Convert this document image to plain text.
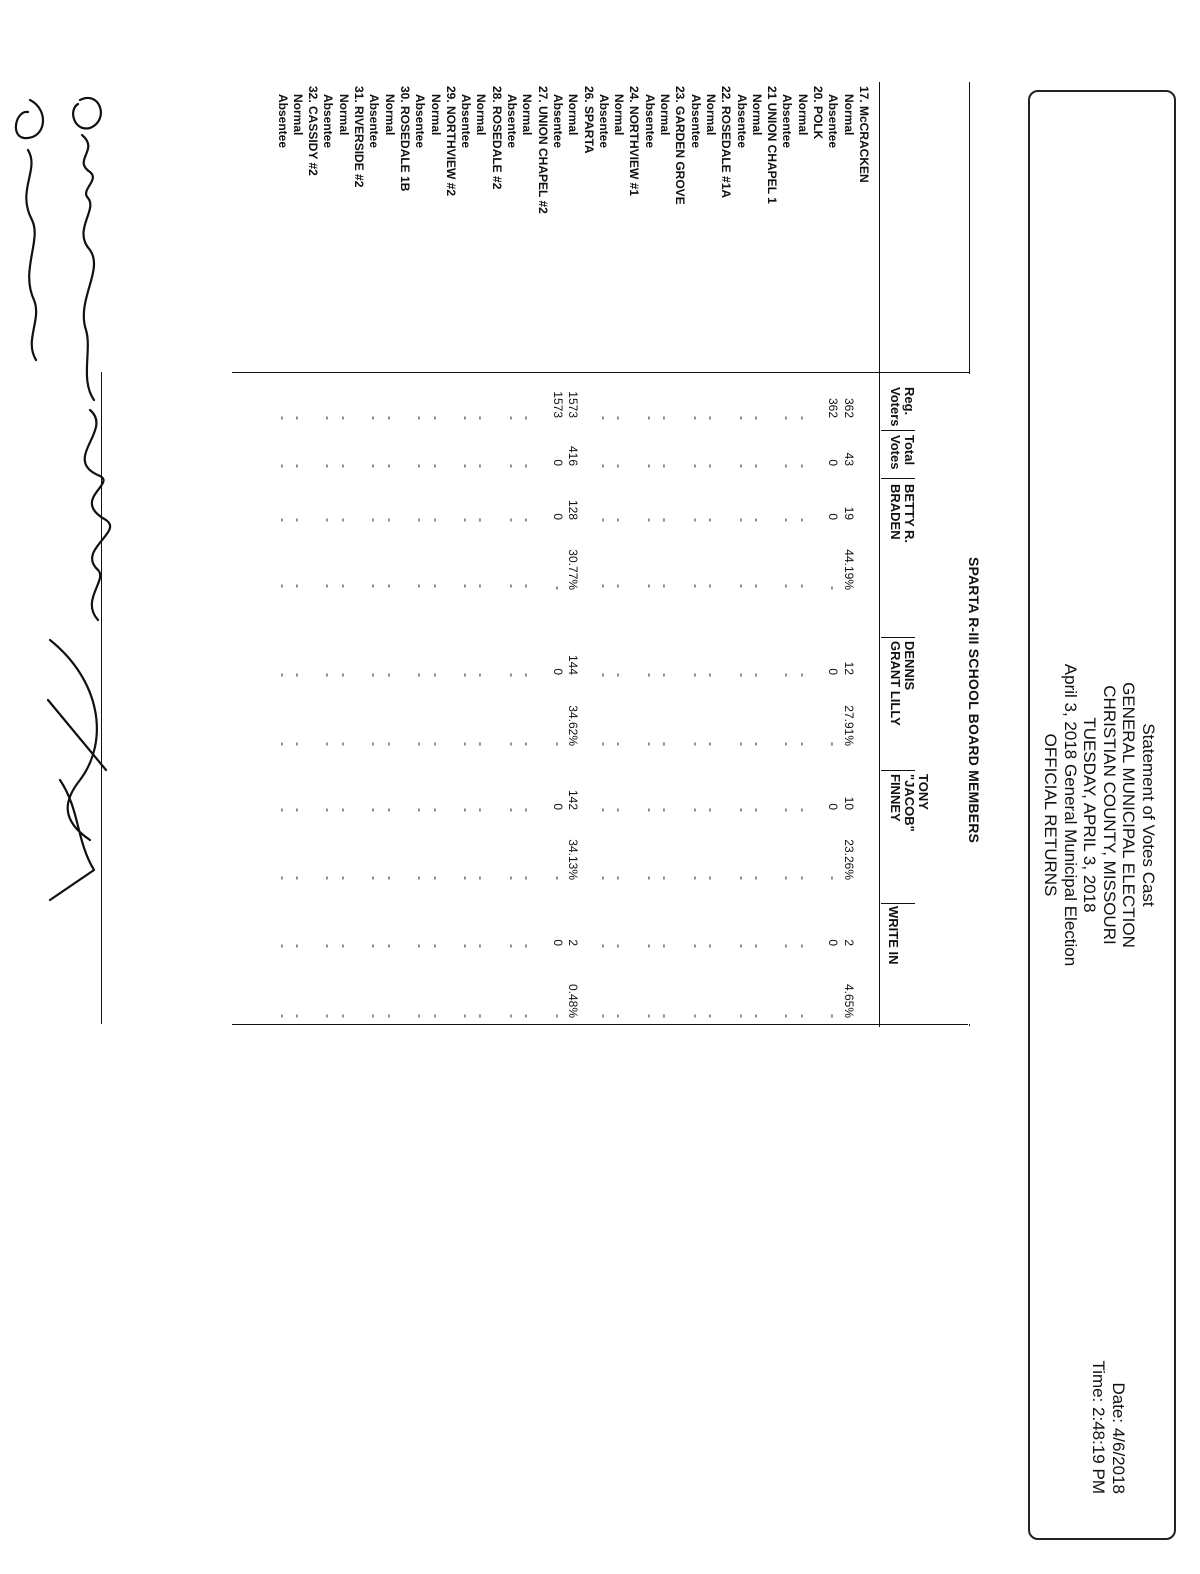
Statement of Votes Cast
GENERAL MUNICIPAL ELECTION
CHRISTIAN COUNTY, MISSOURI
TUESDAY, APRIL 3, 2018
April 3, 2018 General Municipal Election
OFFICIAL RETURNS
Date: 4/6/2018
Time: 2:48:19 PM
SPARTA R-III SCHOOL BOARD MEMBERS
Reg.
Voters
Total
Votes
BETTY R.
BRADEN
DENNIS
GRANT LILLY
TONY
"JACOB"
FINNEY
WRITE IN
17. McCRACKEN
Normal
362
43
19
44.19%
12
27.91%
10
23.26%
2
4.65%
Absentee
362
0
0
-
0
-
0
-
0
-
20. POLK
Normal
-
-
-
-
-
-
-
-
-
-
Absentee
-
-
-
-
-
-
-
-
-
-
21 UNION CHAPEL 1
Normal
-
-
-
-
-
-
-
-
-
-
Absentee
-
-
-
-
-
-
-
-
-
-
22. ROSEDALE #1A
Normal
-
-
-
-
-
-
-
-
-
-
Absentee
-
-
-
-
-
-
-
-
-
-
23. GARDEN GROVE
Normal
-
-
-
-
-
-
-
-
-
-
Absentee
-
-
-
-
-
-
-
-
-
-
24. NORTHVIEW #1
Normal
-
-
-
-
-
-
-
-
-
-
Absentee
-
-
-
-
-
-
-
-
-
-
26. SPARTA
Normal
1573
416
128
30.77%
144
34.62%
142
34.13%
2
0.48%
Absentee
1573
0
0
-
0
-
0
-
0
-
27. UNION CHAPEL #2
Normal
-
-
-
-
-
-
-
-
-
-
Absentee
-
-
-
-
-
-
-
-
-
-
28. ROSEDALE #2
Normal
-
-
-
-
-
-
-
-
-
-
Absentee
-
-
-
-
-
-
-
-
-
-
29. NORTHVIEW #2
Normal
-
-
-
-
-
-
-
-
-
-
Absentee
-
-
-
-
-
-
-
-
-
-
30. ROSEDALE 1B
Normal
-
-
-
-
-
-
-
-
-
-
Absentee
-
-
-
-
-
-
-
-
-
-
31. RIVERSIDE #2
Normal
-
-
-
-
-
-
-
-
-
-
Absentee
-
-
-
-
-
-
-
-
-
-
32. CASSIDY #2
Normal
-
-
-
-
-
-
-
-
-
-
Absentee
-
-
-
-
-
-
-
-
-
-
